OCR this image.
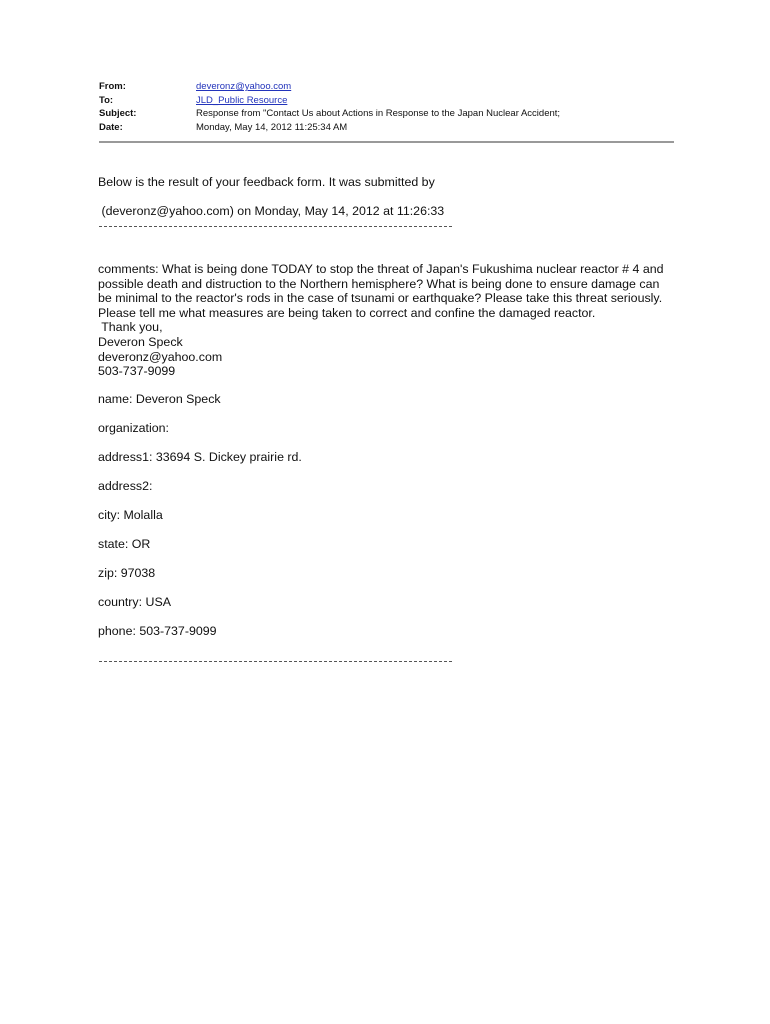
From:	deveronz@yahoo.com
To:	JLD_Public Resource
Subject:	Response from "Contact Us about Actions in Response to the Japan Nuclear Accident;
Date:	Monday, May 14, 2012 11:25:34 AM
Below is the result of your feedback form. It was submitted by
(deveronz@yahoo.com) on Monday, May 14, 2012 at 11:26:33
comments: What is being done TODAY to stop the threat of Japan's Fukushima nuclear reactor # 4 and
possible death and distruction to the Northern hemisphere? What is being done to ensure damage can
be minimal to the reactor's rods in the case of tsunami or earthquake? Please take this threat seriously.
Please tell me what measures are being taken to correct and confine the damaged reactor.
Thank you,
Deveron Speck
deveronz@yahoo.com
503-737-9099
name: Deveron Speck
organization:
address1: 33694 S. Dickey prairie rd.
address2:
city: Molalla
state: OR
zip: 97038
country: USA
phone: 503-737-9099
